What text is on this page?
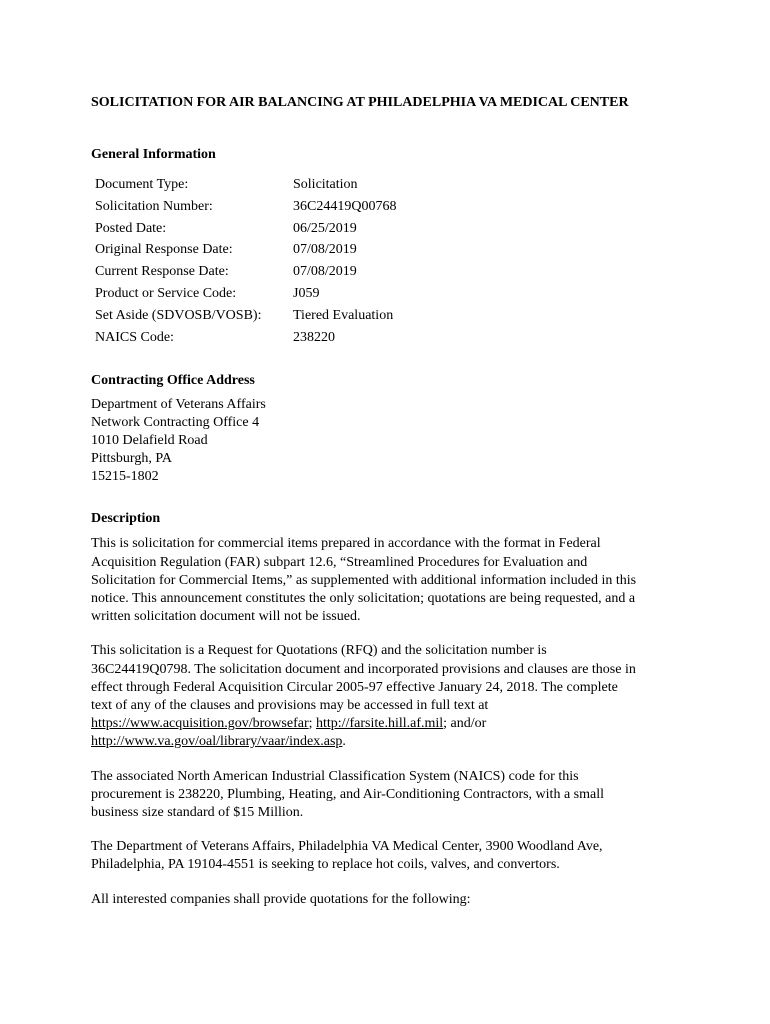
SOLICITATION FOR AIR BALANCING AT PHILADELPHIA VA MEDICAL CENTER
General Information
Document Type:	Solicitation
Solicitation Number:	36C24419Q00768
Posted Date:	06/25/2019
Original Response Date:	07/08/2019
Current Response Date:	07/08/2019
Product or Service Code:	J059
Set Aside (SDVOSB/VOSB):	Tiered Evaluation
NAICS Code:	238220
Contracting Office Address
Department of Veterans Affairs
Network Contracting Office 4
1010 Delafield Road
Pittsburgh, PA
15215-1802
Description

This is solicitation for commercial items prepared in accordance with the format in Federal
Acquisition Regulation (FAR) subpart 12.6, “Streamlined Procedures for Evaluation and
Solicitation for Commercial Items,” as supplemented with additional information included in this
notice. This announcement constitutes the only solicitation; quotations are being requested, and a
written solicitation document will not be issued.

This solicitation is a Request for Quotations (RFQ) and the solicitation number is
36C24419Q0798. The solicitation document and incorporated provisions and clauses are those in
effect through Federal Acquisition Circular 2005-97 effective January 24, 2018. The complete
text of any of the clauses and provisions may be accessed in full text at
https://www.acquisition.gov/browsefar; http://farsite.hill.af.mil; and/or
http://www.va.gov/oal/library/vaar/index.asp.

The associated North American Industrial Classification System (NAICS) code for this
procurement is 238220, Plumbing, Heating, and Air-Conditioning Contractors, with a small
business size standard of $15 Million.

The Department of Veterans Affairs, Philadelphia VA Medical Center, 3900 Woodland Ave,
Philadelphia, PA 19104-4551 is seeking to replace hot coils, valves, and convertors.

All interested companies shall provide quotations for the following:
